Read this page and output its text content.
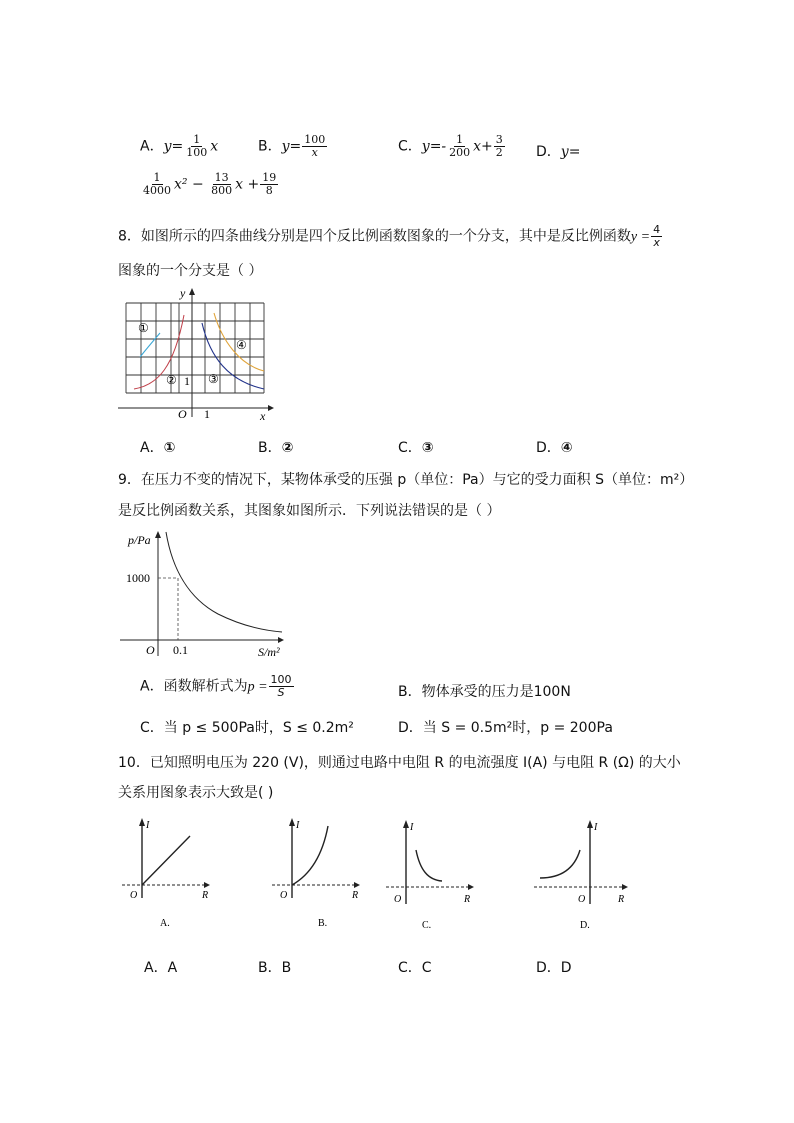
A．$y= \frac{1}{100}$ x	B．$y= \frac{100}{x}$	C．$y=- \frac{1}{200} x+ \frac{3}{2}$ D．y=
$\frac{1}{4000} x^2 - \frac{13}{800}$ $x + \frac{19}{8}$
8．如图所示的四条曲线分别是四个反比例函数图象的一个分支，其中是反比例函数$y = \frac{4}{x}$
图象的一个分支是（ ）
①
②	③
④
1
O 1
y
x
A．①	B．②	C．③	D．④
9．在压力不变的情况下，某物体承受的压强 p（单位：Pa）与它的受力面积 S（单位：m²）
是反比例函数关系，其图象如图所示．下列说法错误的是（ ）
p/Pa
1000
O 0.1	S/m²
A．函数解析式为$p = \frac{100}{S}$	B．物体承受的压力是100N
C．当 p ≤ 500Pa时，S ≤ 0.2m²	D．当 S = 0.5m²时，p = 200Pa
10．已知照明电压为 220 (V)，则通过电路中电阻 R 的电流强度 I(A) 与电阻 R (Ω) 的大小
关系用图象表示大致是( )
I
O	R
A.
I
O	R
B.
I
O	R
C.
I
O	R
D.
A．A	B．B	C．C	D．D
